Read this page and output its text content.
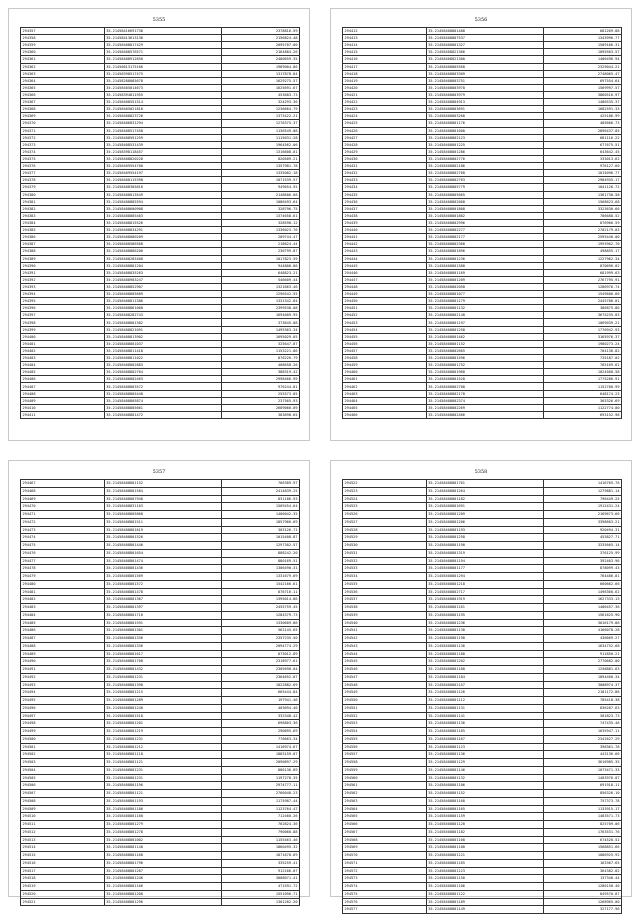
5355
294357	35.21458416691736	2378816.59
294358	35.21458413613136	2156824.48
294359	35.21458408817429	2095707.00
294360	35.21458408576571	2164884.26
294361	35.21458408912650	2480659.35
294362	35.21456613175166	1989004.86
294363	35.21458398517475	1317878.84
294364	35.21458288085678	1629275.57
294365	35.21458405014673	1625691.67
294366	35.21458394811955	453683.73
294367	35.21458408551514	324293.36
294368	35.21458405021816	1236664.79
294369	35.21458408823726	1373422.21
294370	35.21458406831294	1276375.37
294371	35.21458408517458	1136549.08
294372	35.21458408591259	1115631.28
294373	35.21458408531439	1964562.06
294374	35.21458398118457	1316608.01
294375	35.21458408820228	820509.21
294376	35.21458409554700	1357981.78
294377	35.21458409554197	1335082.18
294378	35.21458408115398	1071539.57
294379	35.21458408305816	949654.55
294380	35.21458408013549	2148606.68
294381	35.21458408885594	1086493.64
294382	35.21458408600908	328796.75
294383	35.21458408885463	1374658.61
294384	35.21458408815526	328598.12
294385	35.21458408834291	1336023.76
294386	35.21458408000209	209744.47
294387	35.21458408586568	218624.44
294388	35.21458408886200	236799.87
294389	35.21458408285408	1017823.59
294390	35.21458408881204	944800.86
294391	35.21458408835263	648823.21
294392	35.21458408903247	546609.44
294393	35.21458408852907	1321663.46
294394	35.21458408805689	1296542.55
294395	35.21458408811386	1331342.84
294396	35.21458408861068	2399538.08
294397	35.21458408282743	1694609.95
294398	35.21458408801382	373645.08
294399	35.21458408821091	1495363.34
294400	35.21458408813902	1695029.05
294401	35.21458408801037	325647.07
294402	35.21458408811418	1153221.86
294403	35.21458408811022	876226.79
294404	35.21458408802883	408658.26
294405	35.21458408802764	388319.42
294406	35.21458408802463	2998466.99
294407	35.21458408803572	976244.81
294408	35.21458408805448	255573.85
294409	35.21458408805874	237565.93
294410	35.21458408805661	2689066.09
294411	35.21458408801472	383698.65
5356
294412	35.21458408801488	681269.88
294413	35.21458408807537	1343996.77
294414	35.21458408801327	1509166.31
294415	35.21458408821366	1095563.57
294416	35.21458408821300	1406496.94
294417	35.21458408805568	2329044.21
294418	35.21458408803309	2748065.47
294419	35.21458408803751	697554.64
294420	35.21458408803978	1569997.57
294421	35.21458408803979	3860516.97
294422	35.21458408804913	1486535.37
294423	35.21458408803691	1682591.33
294424	35.21458408803260	425186.99
294425	35.21458408801176	485666.73
294426	35.21458408801600	2896437.05
294427	35.21458408802123	681116.22
294428	35.21458408801225	677675.51
294429	35.21458408801286	643642.45
294430	35.21458408802776	333013.62
294431	35.21458408802186	976127.60
294432	35.21458408802768	1015096.77
294433	35.21458408802763	2984935.17
294434	35.21458408805779	1041126.72
294435	35.21458408805665	1361730.58
294436	35.21458408802668	1568623.68
294437	35.21458408801808	3323630.66
294438	35.21458408801802	786688.52
294439	35.21458408802996	876966.59
294440	35.21458408802277	2702179.03
294441	35.21458408802177	2595440.00
294442	35.21458408802368	1993962.70
294443	35.21458408801896	498855.17
294444	35.21458408801236	1227962.34
294445	35.21458408801588	870696.02
294446	35.21458408801169	681999.63
294447	35.21458408801209	2767795.91
294448	35.21458408802058	1286976.74
294449	35.21458408801077	1549606.66
294450	35.21458408801179	2445786.01
294451	35.21458408801132	386875.86
294452	35.21458408802148	3675235.03
294453	35.21458408801197	1069039.21
294454	35.21458408801258	1776942.93
294455	35.21458408801462	3165976.37
294456	35.21458408801152	1980273.24
294457	35.21458408802665	704136.82
294458	35.21458408801596	735187.02
294459	35.21458408801752	765169.62
294460	35.21458408801968	1024568.58
294461	35.21458408801528	1775286.91
294462	35.21458408802708	1152780.99
294463	35.21458408802178	648174.23
294464	35.21458408802374	365326.69
294465	35.21458408802269	1122774.00
294466	35.21458408802466	693152.98
5357
294467	35.21458408801152	766389.97
294468	35.21458408801584	2414839.25
294469	35.21458408807948	831186.93
294470	35.21458408831163	1509454.64
294471	35.21458408805868	1406042.35
294472	35.21458408801511	1857966.69
294473	35.21458408801619	303126.71
294474	35.21458408801526	1015408.87
294475	35.21458408801446	1297302.57
294476	35.21458408801654	888242.20
294477	35.21458408801474	880169.51
294478	35.21458408801436	1306490.31
294479	35.21458408801569	1331679.69
294480	35.21458408801572	1542166.61
294481	35.21458408801478	876716.11
294482	35.21458408801367	1395014.86
294483	35.21458408801397	2455759.45
294484	35.21458408801710	1284379.73
294485	35.21458408801591	1330609.86
294486	35.21458408801301	562145.65
294487	35.21458408801336	2357235.50
294488	35.21458408801336	2094774.29
294489	35.21458408801617	873012.89
294490	35.21458408801708	2318977.61
294491	35.21458408801432	2305690.04
294492	35.21458408801231	2364652.07
294493	35.21458408801390	1822882.69
294494	35.21458408801215	665444.84
294495	35.21458408801289	197941.46
294496	35.21458408801240	403694.40
294497	35.21458408801518	332348.42
294498	35.21458408801201	696803.36
294499	35.21458408801219	290895.69
294500	35.21458408801231	776663.34
294501	35.21458408801212	1416974.67
294502	35.21458408801118	1883159.07
294503	35.21458408801121	2090897.29
294504	35.21458408801231	886136.89
294505	35.21458408801231	1197278.35
294506	35.21458408801196	2974777.11
294507	35.21458408801121	2766048.23
294508	35.21458408801193	1175987.44
294509	35.21458408801186	1123764.47
294510	35.21458408801160	712460.26
294511	35.21458408801279	762824.36
294512	35.21458408801278	790060.88
294513	35.21458408801002	1155463.46
294514	35.21458408801140	1860495.32
294515	35.21458408801168	1871678.69
294516	35.21458408801796	335259.41
294517	35.21458408801267	912166.07
294518	35.21458408801246	3008071.41
294519	35.21458408801166	471591.72
294520	35.21458408801208	1551096.71
294521	35.21458408801296	1301282.20
5358
294522	35.21458408801761	1416765.76
294523	35.21458408801264	1279881.14
294524	35.21458408801182	796449.25
294525	35.21458408801691	1912431.24
294526	35.21458408801209	2169673.66
294527	35.21458408801206	3398663.21
294528	35.21458408801193	920494.31
294529	35.21458408801258	453827.71
294530	35.21458408801190	3335665.14
294531	35.21458408801319	376125.99
294532	35.21458408801194	392463.96
294533	35.21458408801177	878099.43
294534	35.21458408801294	764486.81
294535	35.21458408801218	660662.66
294536	35.21458408802717	1496360.62
294537	35.21458408801919	1627333.13
294538	35.21458408801161	1406457.36
294539	35.21458408801195	1561625.90
294540	35.21458408801236	3016179.86
294541	35.21458408801138	4166078.28
294542	35.21458408801198	436669.27
294543	35.21458408801136	1634752.68
294544	35.21458408801188	911850.21
294545	35.21458408801202	2770682.00
294546	35.21458408801188	1258881.63
294547	35.21458408801184	1894460.34
294548	35.21458408802157	3008974.37
294549	35.21458408801126	2181172.86
294550	35.21458408801112	785418.38
294551	35.21458408801131	836287.63
294552	35.21458408801141	301823.73
294553	35.21458408801136	747435.46
294554	35.21458408801165	1635947.11
294555	35.21458408801167	2342627.29
294556	35.21458408801123	398361.78
294557	35.21458408801136	443136.66
294558	35.21458408801129	3616985.35
294559	35.21458408801146	1073471.33
294560	35.21458408801132	1403976.07
294561	35.21458408801106	691918.11
294562	35.21458408801152	856326.10
294563	35.21458408801168	757373.78
294564	35.21458408801165	1133915.17
294565	35.21458408801159	1483571.73
294566	35.21458408801120	825709.06
294567	35.21458408801182	1763531.76
294568	35.21458408801108	674520.52
294569	35.21458408801108	1568851.66
294570	35.21458408801121	1086925.92
294571	35.21458408801165	163367.65
294572	35.21458408801123	364382.82
294573	35.21458408801150	137340.44
294574	35.21458408801106	1286158.46
294575	35.21458408801122	849570.87
294576	35.21458408801189	1268965.00
294577	35.21458408801149	327177.96
